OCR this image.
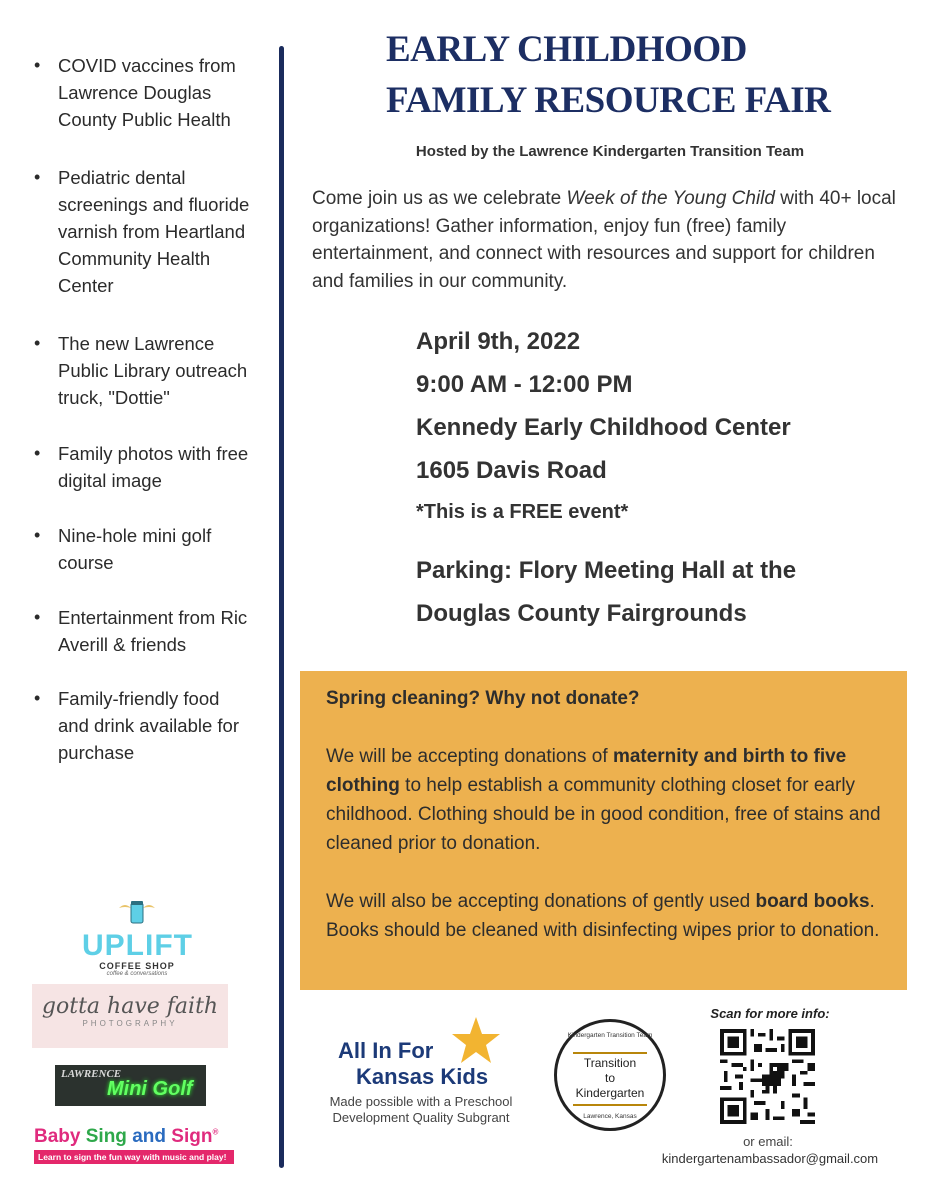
• COVID vaccines from Lawrence Douglas County Public Health
• Pediatric dental screenings and fluoride varnish from Heartland Community Health Center
• The new Lawrence Public Library outreach truck, "Dottie"
• Family photos with free digital image
• Nine-hole mini golf course
• Entertainment from Ric Averill & friends
• Family-friendly food and drink available for purchase
UPLIFT
COFFEE SHOP
coffee & conversations
gotta have faith
PHOTOGRAPHY
LAWRENCE
Mini Golf
Baby Sing and Sign®
Learn to sign the fun way with music and play!
EARLY CHILDHOOD
FAMILY RESOURCE FAIR
Hosted by the Lawrence Kindergarten Transition Team

Come join us as we celebrate Week of the Young Child with 40+ local organizations! Gather information, enjoy fun (free) family entertainment, and connect with resources and support for children and families in our community.

April 9th, 2022
9:00 AM - 12:00 PM
Kennedy Early Childhood Center
1605 Davis Road
*This is a FREE event*
Parking: Flory Meeting Hall at the
Douglas County Fairgrounds

Spring cleaning? Why not donate?

We will be accepting donations of maternity and birth to five clothing to help establish a community clothing closet for early childhood. Clothing should be in good condition, free of stains and cleaned prior to donation.

We will also be accepting donations of gently used board books. Books should be cleaned with disinfecting wipes prior to donation.

All In For
Kansas Kids
Made possible with a Preschool Development Quality Subgrant
Kindergarten Transition Team
Transition
to
Kindergarten
Lawrence, Kansas
Scan for more info:
or email:
kindergartenambassador@gmail.com
